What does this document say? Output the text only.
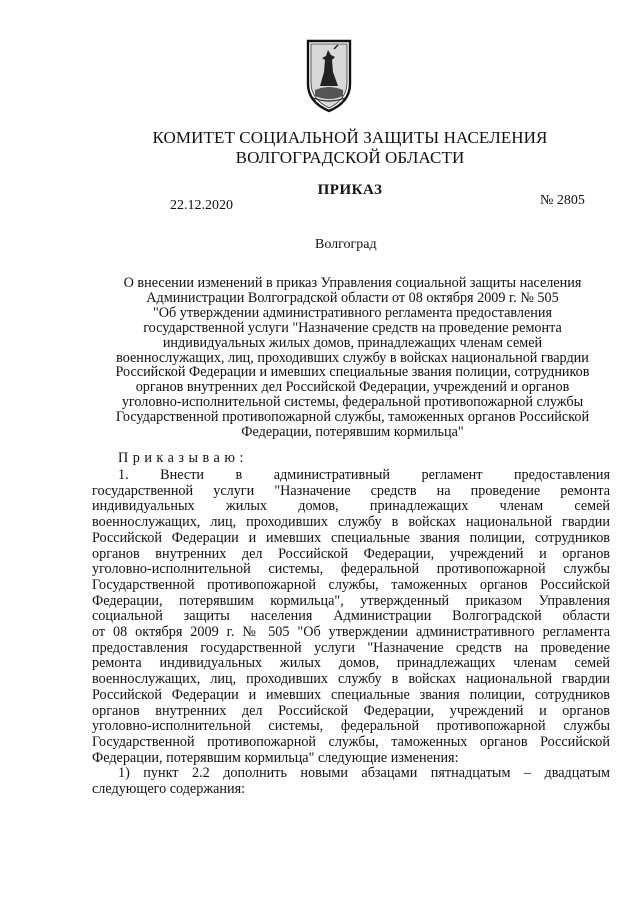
КОМИТЕТ СОЦИАЛЬНОЙ ЗАЩИТЫ НАСЕЛЕНИЯ
ВОЛГОГРАДСКОЙ ОБЛАСТИ
ПРИКАЗ
22.12.2020	№ 2805
Волгоград
О внесении изменений в приказ Управления социальной защиты населения
Администрации Волгоградской области от 08 октября 2009 г. № 505
"Об утверждении административного регламента предоставления
государственной услуги "Назначение средств на проведение ремонта
индивидуальных жилых домов, принадлежащих членам семей
военнослужащих, лиц, проходивших службу в войсках национальной гвардии
Российской Федерации и имевших специальные звания полиции, сотрудников
органов внутренних дел Российской Федерации, учреждений и органов
уголовно-исполнительной системы, федеральной противопожарной службы
Государственной противопожарной службы, таможенных органов Российской
Федерации, потерявшим кормильца"
Приказываю:
1. Внести в административный регламент предоставления
государственной услуги "Назначение средств на проведение ремонта
индивидуальных жилых домов, принадлежащих членам семей
военнослужащих, лиц, проходивших службу в войсках национальной гвардии
Российской Федерации и имевших специальные звания полиции, сотрудников
органов внутренних дел Российской Федерации, учреждений и органов
уголовно-исполнительной системы, федеральной противопожарной службы
Государственной противопожарной службы, таможенных органов Российской
Федерации, потерявшим кормильца", утвержденный приказом Управления
социальной защиты населения Администрации Волгоградской области
от 08 октября 2009 г. № 505 "Об утверждении административного регламента
предоставления государственной услуги "Назначение средств на проведение
ремонта индивидуальных жилых домов, принадлежащих членам семей
военнослужащих, лиц, проходивших службу в войсках национальной гвардии
Российской Федерации и имевших специальные звания полиции, сотрудников
органов внутренних дел Российской Федерации, учреждений и органов
уголовно-исполнительной системы, федеральной противопожарной службы
Государственной противопожарной службы, таможенных органов Российской
Федерации, потерявшим кормильца" следующие изменения:
1) пункт 2.2 дополнить новыми абзацами пятнадцатым – двадцатым
следующего содержания:
